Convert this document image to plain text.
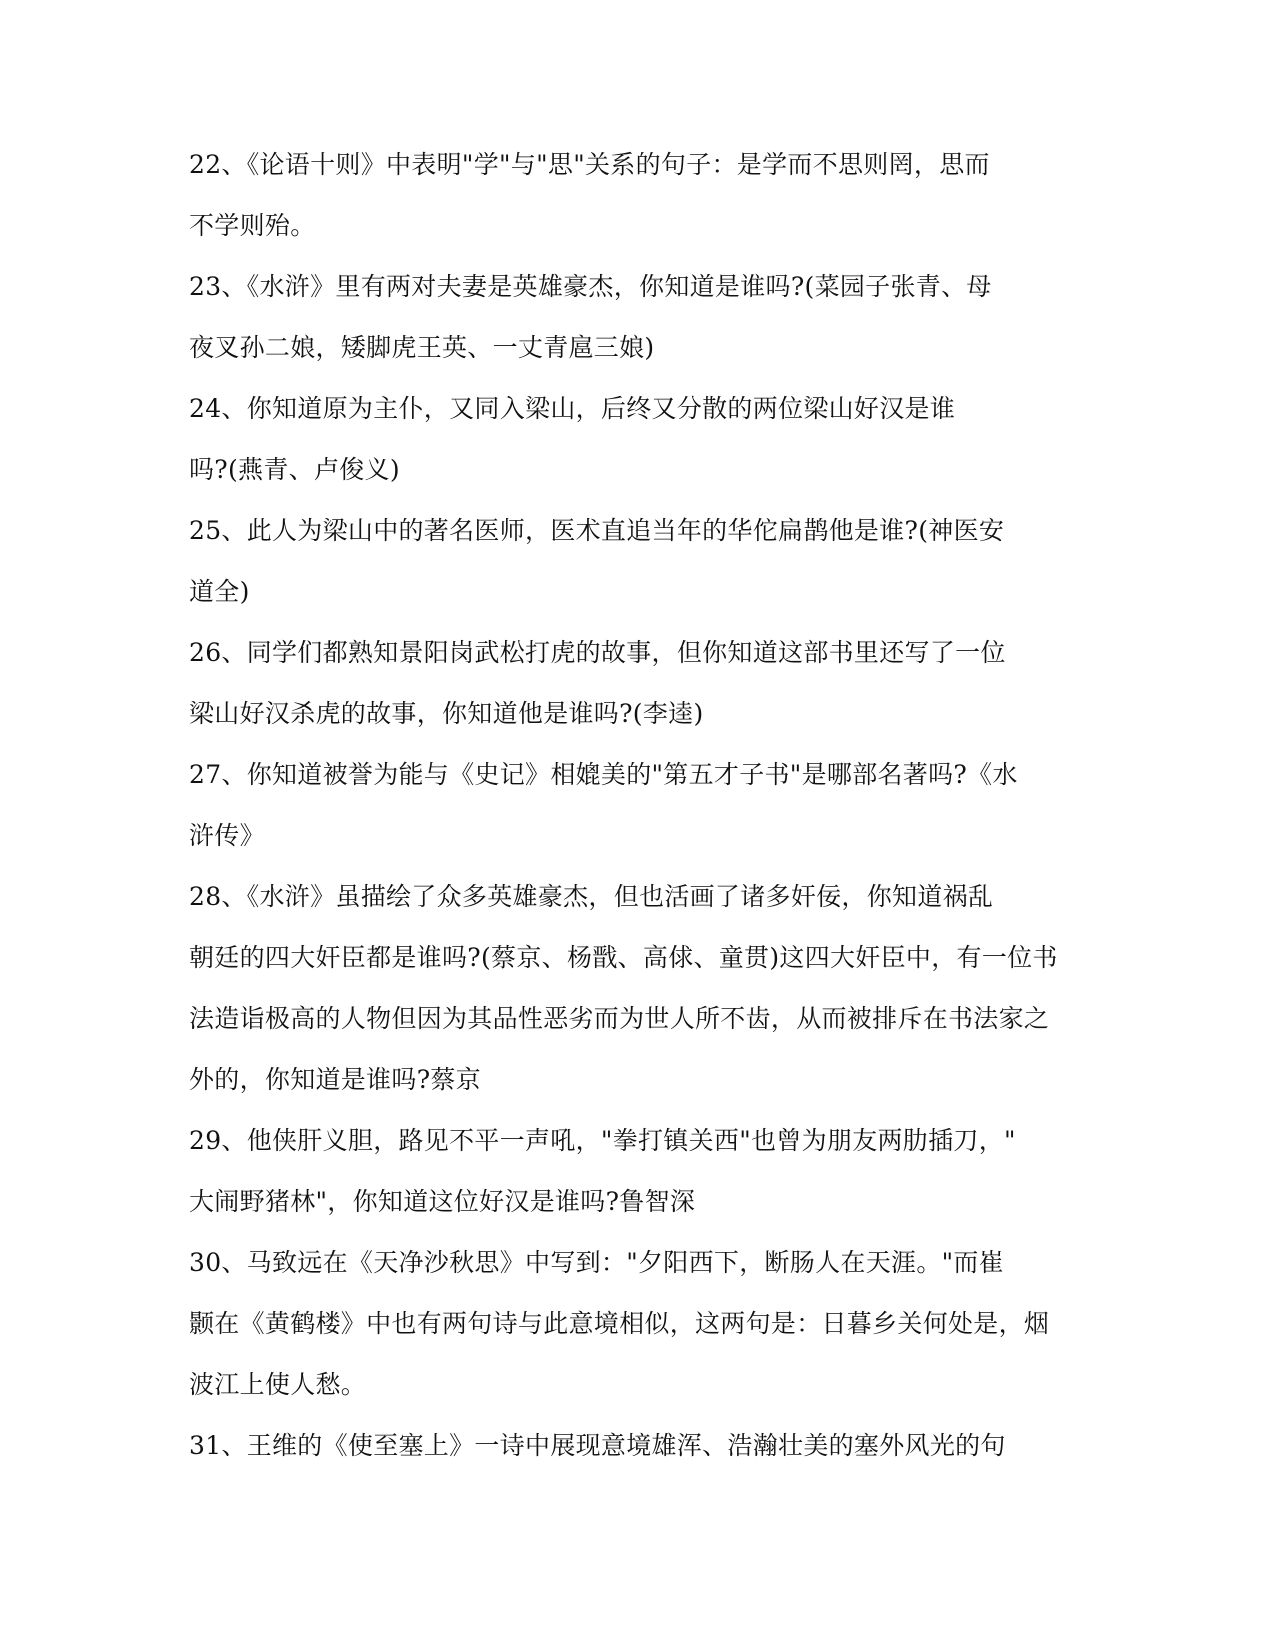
22、《论语十则》中表明"学"与"思"关系的句子：是学而不思则罔，思而
不学则殆。
23、《水浒》里有两对夫妻是英雄豪杰，你知道是谁吗?(菜园子张青、母
夜叉孙二娘，矮脚虎王英、一丈青扈三娘)
24、你知道原为主仆，又同入梁山，后终又分散的两位梁山好汉是谁
吗?(燕青、卢俊义)
25、此人为梁山中的著名医师，医术直追当年的华佗扁鹊他是谁?(神医安
道全)
26、同学们都熟知景阳岗武松打虎的故事，但你知道这部书里还写了一位
梁山好汉杀虎的故事，你知道他是谁吗?(李逵)
27、你知道被誉为能与《史记》相媲美的"第五才子书"是哪部名著吗?《水
浒传》
28、《水浒》虽描绘了众多英雄豪杰，但也活画了诸多奸佞，你知道祸乱
朝廷的四大奸臣都是谁吗?(蔡京、杨戬、高俅、童贯)这四大奸臣中，有一位书
法造诣极高的人物但因为其品性恶劣而为世人所不齿，从而被排斥在书法家之
外的，你知道是谁吗?蔡京
29、他侠肝义胆，路见不平一声吼，"拳打镇关西"也曾为朋友两肋插刀，"
大闹野猪林"，你知道这位好汉是谁吗?鲁智深
30、马致远在《天净沙秋思》中写到："夕阳西下，断肠人在天涯。"而崔
颢在《黄鹤楼》中也有两句诗与此意境相似，这两句是：日暮乡关何处是，烟
波江上使人愁。
31、王维的《使至塞上》一诗中展现意境雄浑、浩瀚壮美的塞外风光的句
